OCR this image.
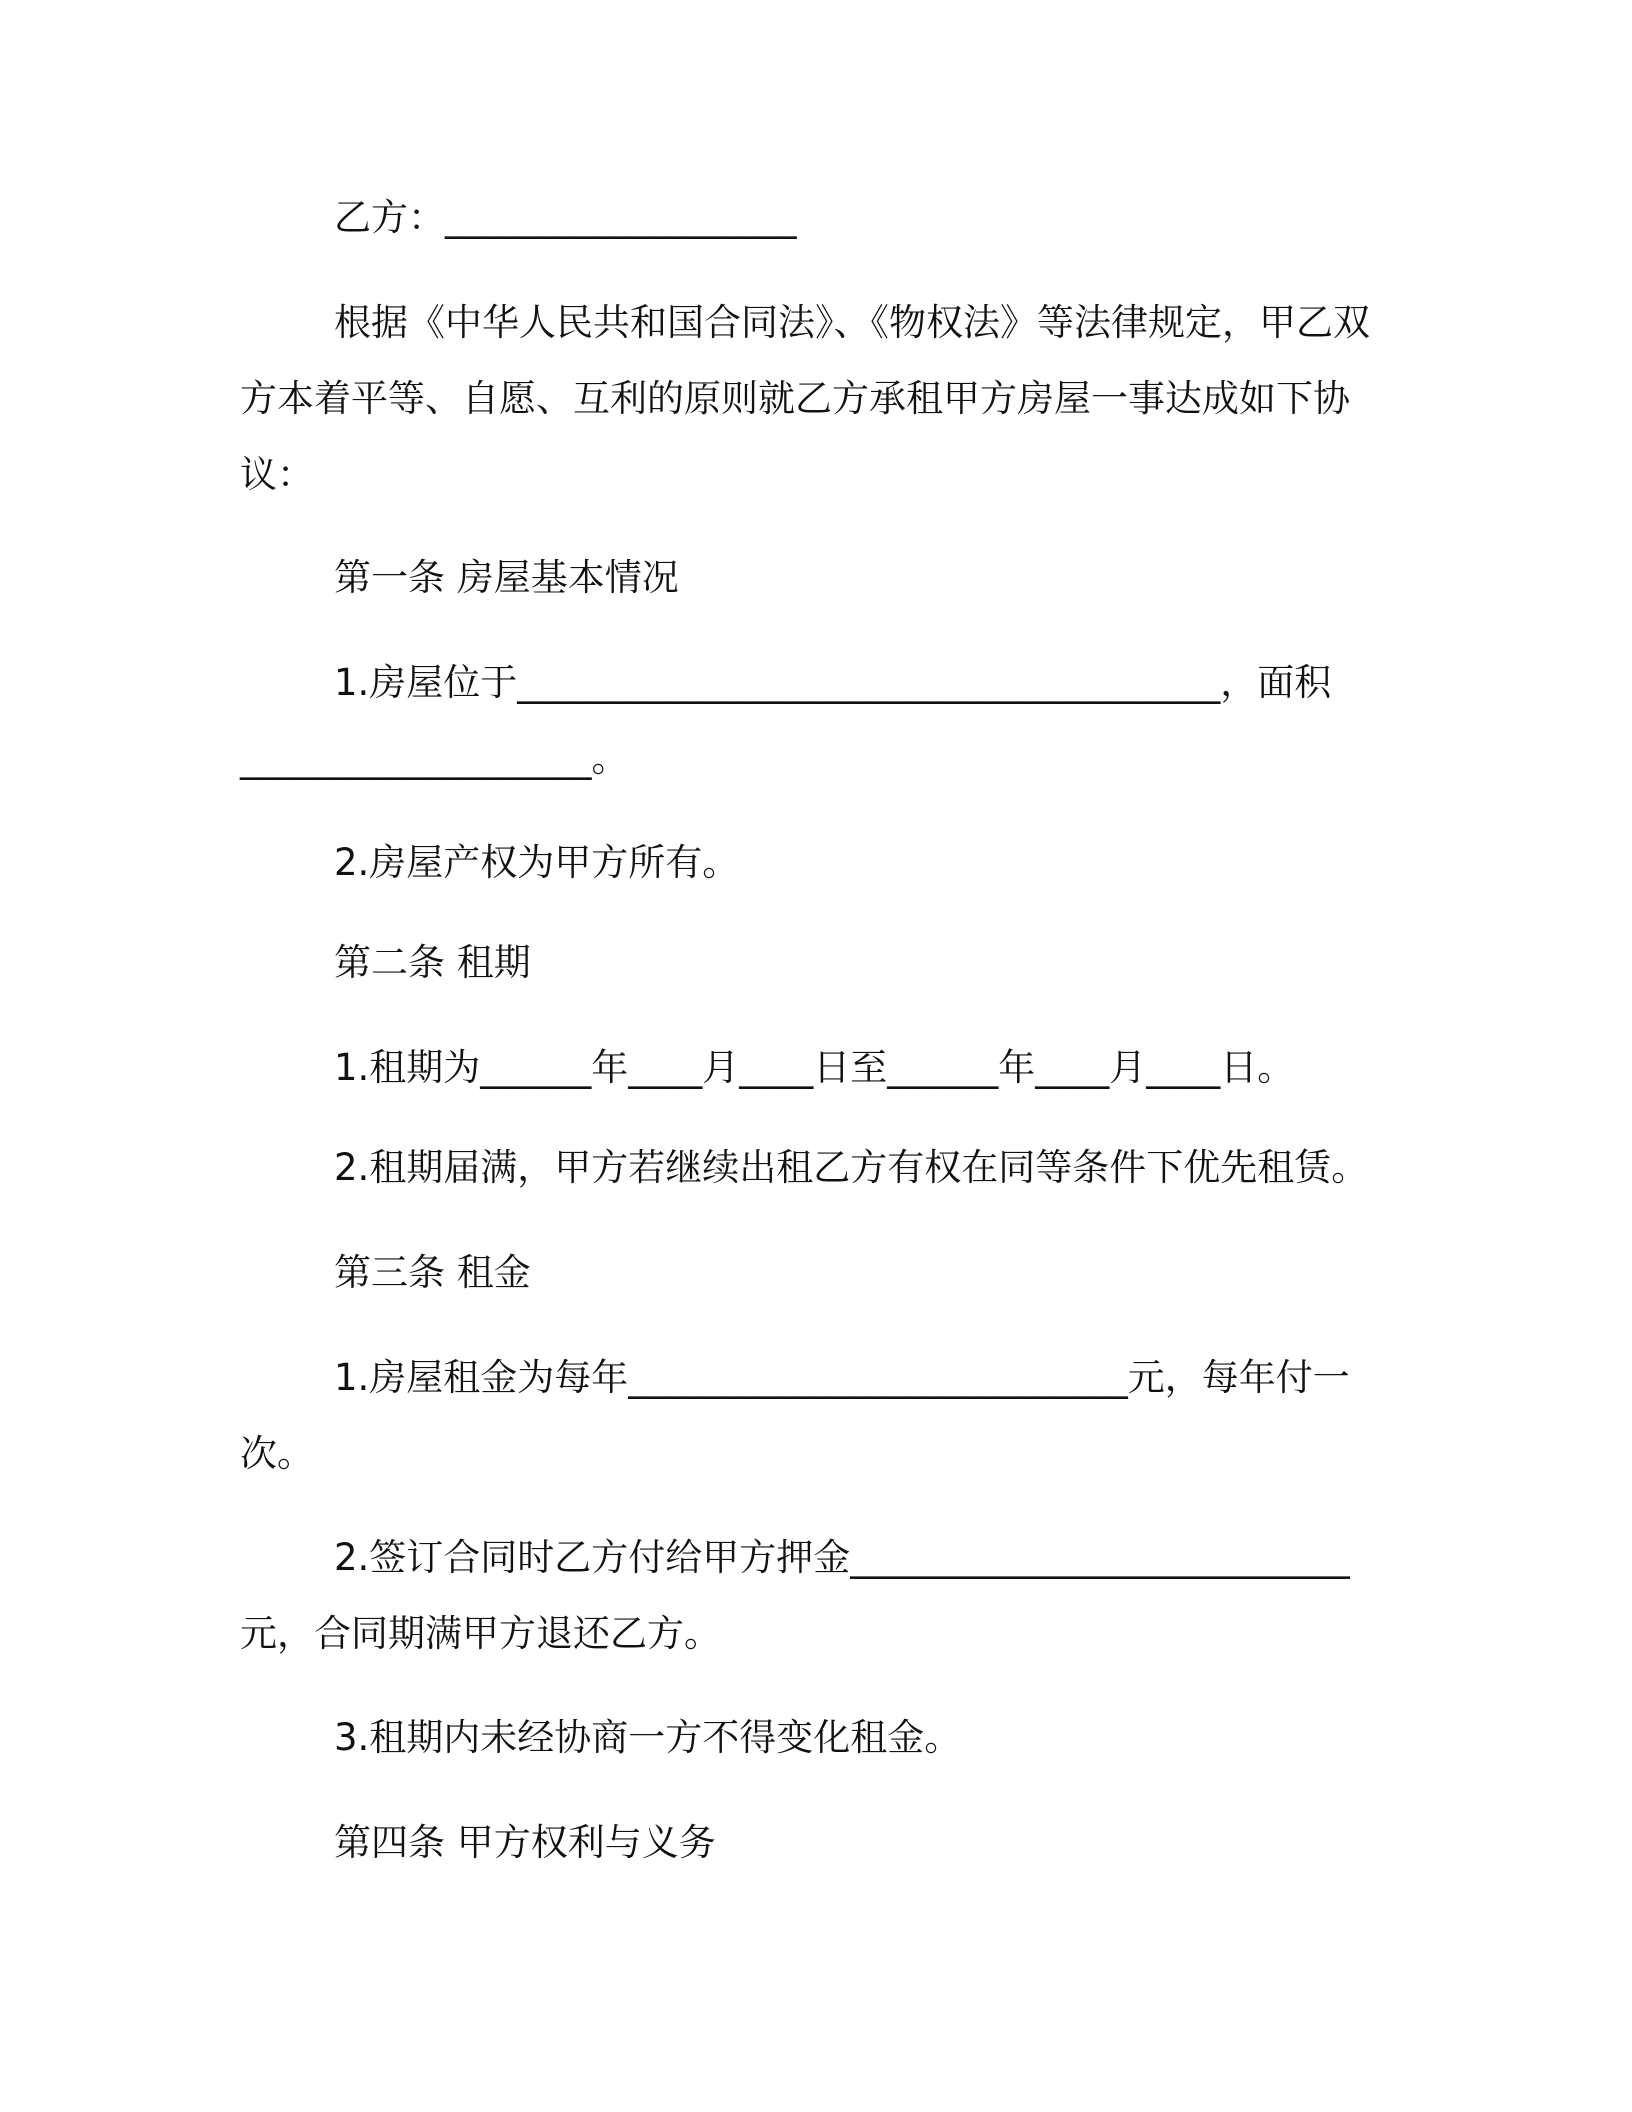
乙方：___________________

根据《中华人民共和国合同法》、《物权法》等法律规定，甲乙双方本着平等、自愿、互利的原则就乙方承租甲方房屋一事达成如下协议：

第一条 房屋基本情况

1.房屋位于______________________________________，面积___________________。

2.房屋产权为甲方所有。

第二条 租期

1.租期为______年____月____日至______年____月____日。

2.租期届满，甲方若继续出租乙方有权在同等条件下优先租赁。

第三条 租金

1.房屋租金为每年___________________________元，每年付一次。

2.签订合同时乙方付给甲方押金___________________________元，合同期满甲方退还乙方。

3.租期内未经协商一方不得变化租金。

第四条 甲方权利与义务
